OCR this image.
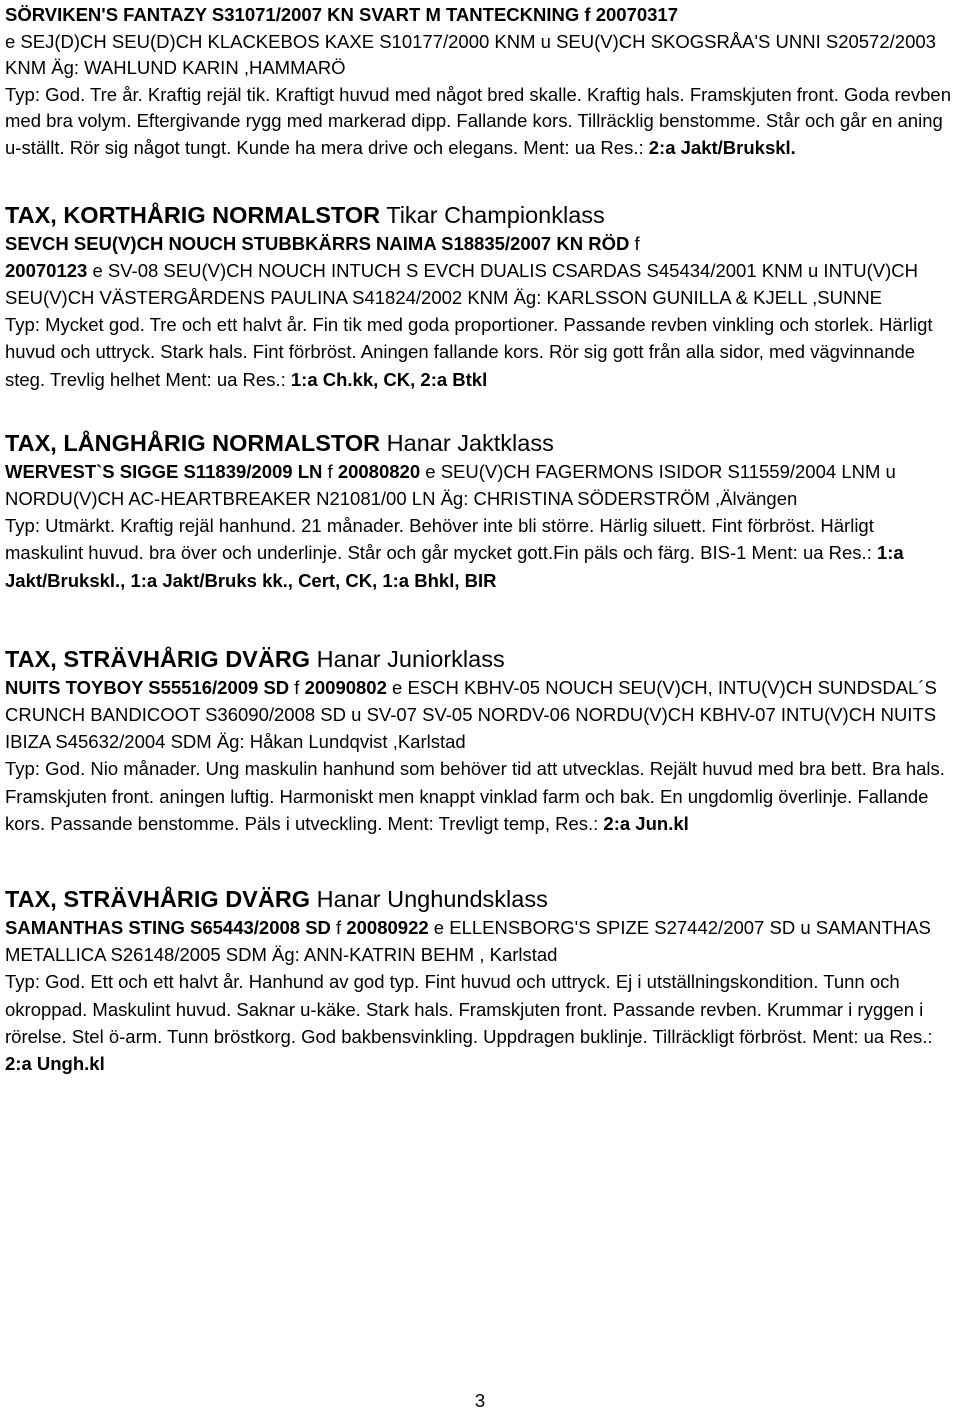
SÖRVIKEN'S FANTAZY S31071/2007 KN SVART M TANTECKNING f 20070317
e SEJ(D)CH SEU(D)CH KLACKEBOS KAXE S10177/2000 KNM u SEU(V)CH SKOGSRÅA'S UNNI S20572/2003 KNM Äg: WAHLUND KARIN ,HAMMARÖ
Typ: God. Tre år. Kraftig rejäl tik. Kraftigt huvud med något bred skalle. Kraftig hals. Framskjuten front. Goda revben med bra volym. Eftergivande rygg med markerad dipp. Fallande kors. Tillräcklig benstomme. Står och går en aning u-ställt. Rör sig något tungt. Kunde ha mera drive och elegans. Ment: ua Res.: 2:a Jakt/Brukskl.

TAX, KORTHÅRIG NORMALSTOR Tikar Championklass

SEVCH SEU(V)CH NOUCH STUBBKÄRRS NAIMA S18835/2007 KN RÖD f
20070123 e SV-08 SEU(V)CH NOUCH INTUCH S EVCH DUALIS CSARDAS S45434/2001 KNM u INTU(V)CH SEU(V)CH VÄSTERGÅRDENS PAULINA S41824/2002 KNM Äg: KARLSSON GUNILLA & KJELL ,SUNNE
Typ: Mycket god. Tre och ett halvt år. Fin tik med goda proportioner. Passande revben vinkling och storlek. Härligt huvud och uttryck. Stark hals. Fint förbröst. Aningen fallande kors. Rör sig gott från alla sidor, med vägvinnande steg. Trevlig helhet Ment: ua Res.: 1:a Ch.kk, CK, 2:a Btkl

TAX, LÅNGHÅRIG NORMALSTOR Hanar Jaktklass

WERVEST`S SIGGE S11839/2009 LN f 20080820 e SEU(V)CH FAGERMONS ISIDOR S11559/2004 LNM u NORDU(V)CH AC-HEARTBREAKER N21081/00 LN Äg: CHRISTINA SÖDERSTRÖM ,Älvängen
Typ: Utmärkt. Kraftig rejäl hanhund. 21 månader. Behöver inte bli större. Härlig siluett. Fint förbröst. Härligt maskulint huvud. bra över och underlinje. Står och går mycket gott.Fin päls och färg. BIS-1 Ment: ua Res.: 1:a Jakt/Brukskl., 1:a Jakt/Bruks kk., Cert, CK, 1:a Bhkl, BIR

TAX, STRÄVHÅRIG DVÄRG Hanar Juniorklass

NUITS TOYBOY S55516/2009 SD f 20090802 e ESCH KBHV-05 NOUCH SEU(V)CH, INTU(V)CH SUNDSDAL´S CRUNCH BANDICOOT S36090/2008 SD u SV-07 SV-05 NORDV-06 NORDU(V)CH KBHV-07 INTU(V)CH NUITS IBIZA S45632/2004 SDM Äg: Håkan Lundqvist ,Karlstad
Typ: God. Nio månader. Ung maskulin hanhund som behöver tid att utvecklas. Rejält huvud med bra bett. Bra hals. Framskjuten front. aningen luftig. Harmoniskt men knappt vinklad farm och bak. En ungdomlig överlinje. Fallande kors. Passande benstomme. Päls i utveckling. Ment: Trevligt temp, Res.: 2:a Jun.kl

TAX, STRÄVHÅRIG DVÄRG Hanar Unghundsklass

SAMANTHAS STING S65443/2008 SD f 20080922 e ELLENSBORG'S SPIZE S27442/2007 SD u SAMANTHAS METALLICA S26148/2005 SDM Äg: ANN-KATRIN BEHM , Karlstad
Typ: God. Ett och ett halvt år. Hanhund av god typ. Fint huvud och uttryck. Ej i utställningskondition. Tunn och okroppad. Maskulint huvud. Saknar u-käke. Stark hals. Framskjuten front. Passande revben. Krummar i ryggen i rörelse. Stel ö-arm. Tunn bröstkorg. God bakbensvinkling. Uppdragen buklinje. Tillräckligt förbröst. Ment: ua Res.: 2:a Ungh.kl

3
